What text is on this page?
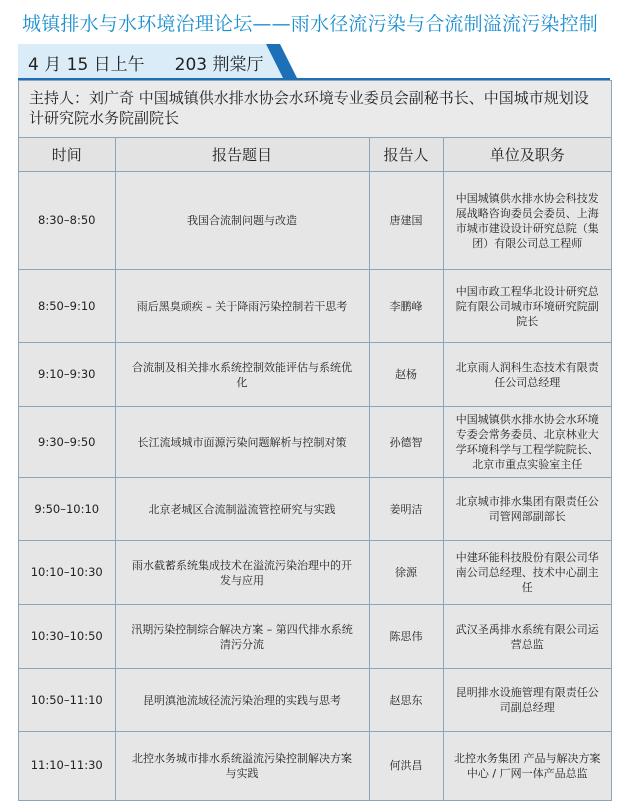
城镇排水与水环境治理论坛——雨水径流污染与合流制溢流污染控制
4 月 15 日上午 203 荆棠厅
主持人：刘广奇 中国城镇供水排水协会水环境专业委员会副秘书长、中国城市规划设计研究院水务院副院长
时间	报告题目	报告人	单位及职务
8:30–8:50	我国合流制问题与改造	唐建国	中国城镇供水排水协会科技发展战略咨询委员会委员、上海市城市建设设计研究总院（集团）有限公司总工程师
8:50–9:10	雨后黑臭顽疾 – 关于降雨污染控制若干思考	李鹏峰	中国市政工程华北设计研究总院有限公司城市环境研究院副院长
9:10–9:30	合流制及相关排水系统控制效能评估与系统优化	赵杨	北京雨人润科生态技术有限责任公司总经理
9:30–9:50	长江流域城市面源污染问题解析与控制对策	孙德智	中国城镇供水排水协会水环境专委会常务委员、北京林业大学环境科学与工程学院院长、北京市重点实验室主任
9:50–10:10	北京老城区合流制溢流管控研究与实践	姜明洁	北京城市排水集团有限责任公司管网部副部长
10:10–10:30	雨水截蓄系统集成技术在溢流污染治理中的开发与应用	徐源	中建环能科技股份有限公司华南公司总经理、技术中心副主任
10:30–10:50	汛期污染控制综合解决方案 – 第四代排水系统清污分流	陈思伟	武汉圣禹排水系统有限公司运营总监
10:50–11:10	昆明滇池流域径流污染治理的实践与思考	赵思东	昆明排水设施管理有限责任公司副总经理
11:10–11:30	北控水务城市排水系统溢流污染控制解决方案与实践	何洪昌	北控水务集团 产品与解决方案中心 / 厂网一体产品总监
